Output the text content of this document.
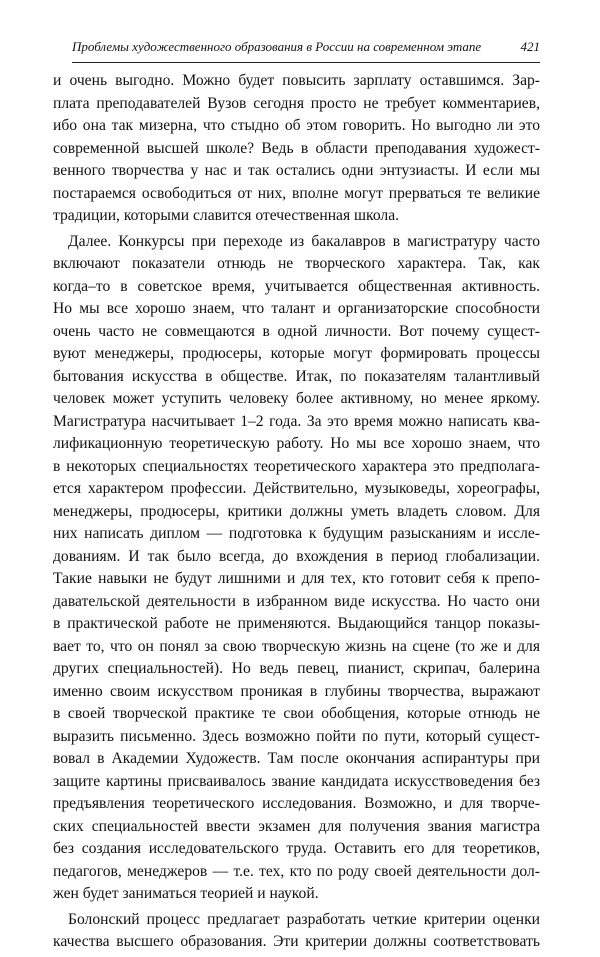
Проблемы художественного образования в России на современном этапе	421
и очень выгодно. Можно будет повысить зарплату оставшимся. Зар-
плата преподавателей Вузов сегодня просто не требует комментариев,
ибо она так мизерна, что стыдно об этом говорить. Но выгодно ли это
современной высшей школе? Ведь в области преподавания художест-
венного творчества у нас и так остались одни энтузиасты. И если мы
постараемся освободиться от них, вполне могут прерваться те великие
традиции, которыми славится отечественная школа.
Далее. Конкурсы при переходе из бакалавров в магистратуру часто
включают показатели отнюдь не творческого характера. Так, как
когда–то в советское время, учитывается общественная активность.
Но мы все хорошо знаем, что талант и организаторские способности
очень часто не совмещаются в одной личности. Вот почему сущест-
вуют менеджеры, продюсеры, которые могут формировать процессы
бытования искусства в обществе. Итак, по показателям талантливый
человек может уступить человеку более активному, но менее яркому.
Магистратура насчитывает 1–2 года. За это время можно написать ква-
лификационную теоретическую работу. Но мы все хорошо знаем, что
в некоторых специальностях теоретического характера это предполага-
ется характером профессии. Действительно, музыковеды, хореографы,
менеджеры, продюсеры, критики должны уметь владеть словом. Для
них написать диплом — подготовка к будущим разысканиям и иссле-
дованиям. И так было всегда, до вхождения в период глобализации.
Такие навыки не будут лишними и для тех, кто готовит себя к препо-
давательской деятельности в избранном виде искусства. Но часто они
в практической работе не применяются. Выдающийся танцор показы-
вает то, что он понял за свою творческую жизнь на сцене (то же и для
других специальностей). Но ведь певец, пианист, скрипач, балерина
именно своим искусством проникая в глубины творчества, выражают
в своей творческой практике те свои обобщения, которые отнюдь не
выразить письменно. Здесь возможно пойти по пути, который сущест-
вовал в Академии Художеств. Там после окончания аспирантуры при
защите картины присваивалось звание кандидата искусствоведения без
предъявления теоретического исследования. Возможно, и для творче-
ских специальностей ввести экзамен для получения звания магистра
без создания исследовательского труда. Оставить его для теоретиков,
педагогов, менеджеров — т.е. тех, кто по роду своей деятельности дол-
жен будет заниматься теорией и наукой.
Болонский процесс предлагает разработать четкие критерии оценки
качества высшего образования. Эти критерии должны соответствовать
